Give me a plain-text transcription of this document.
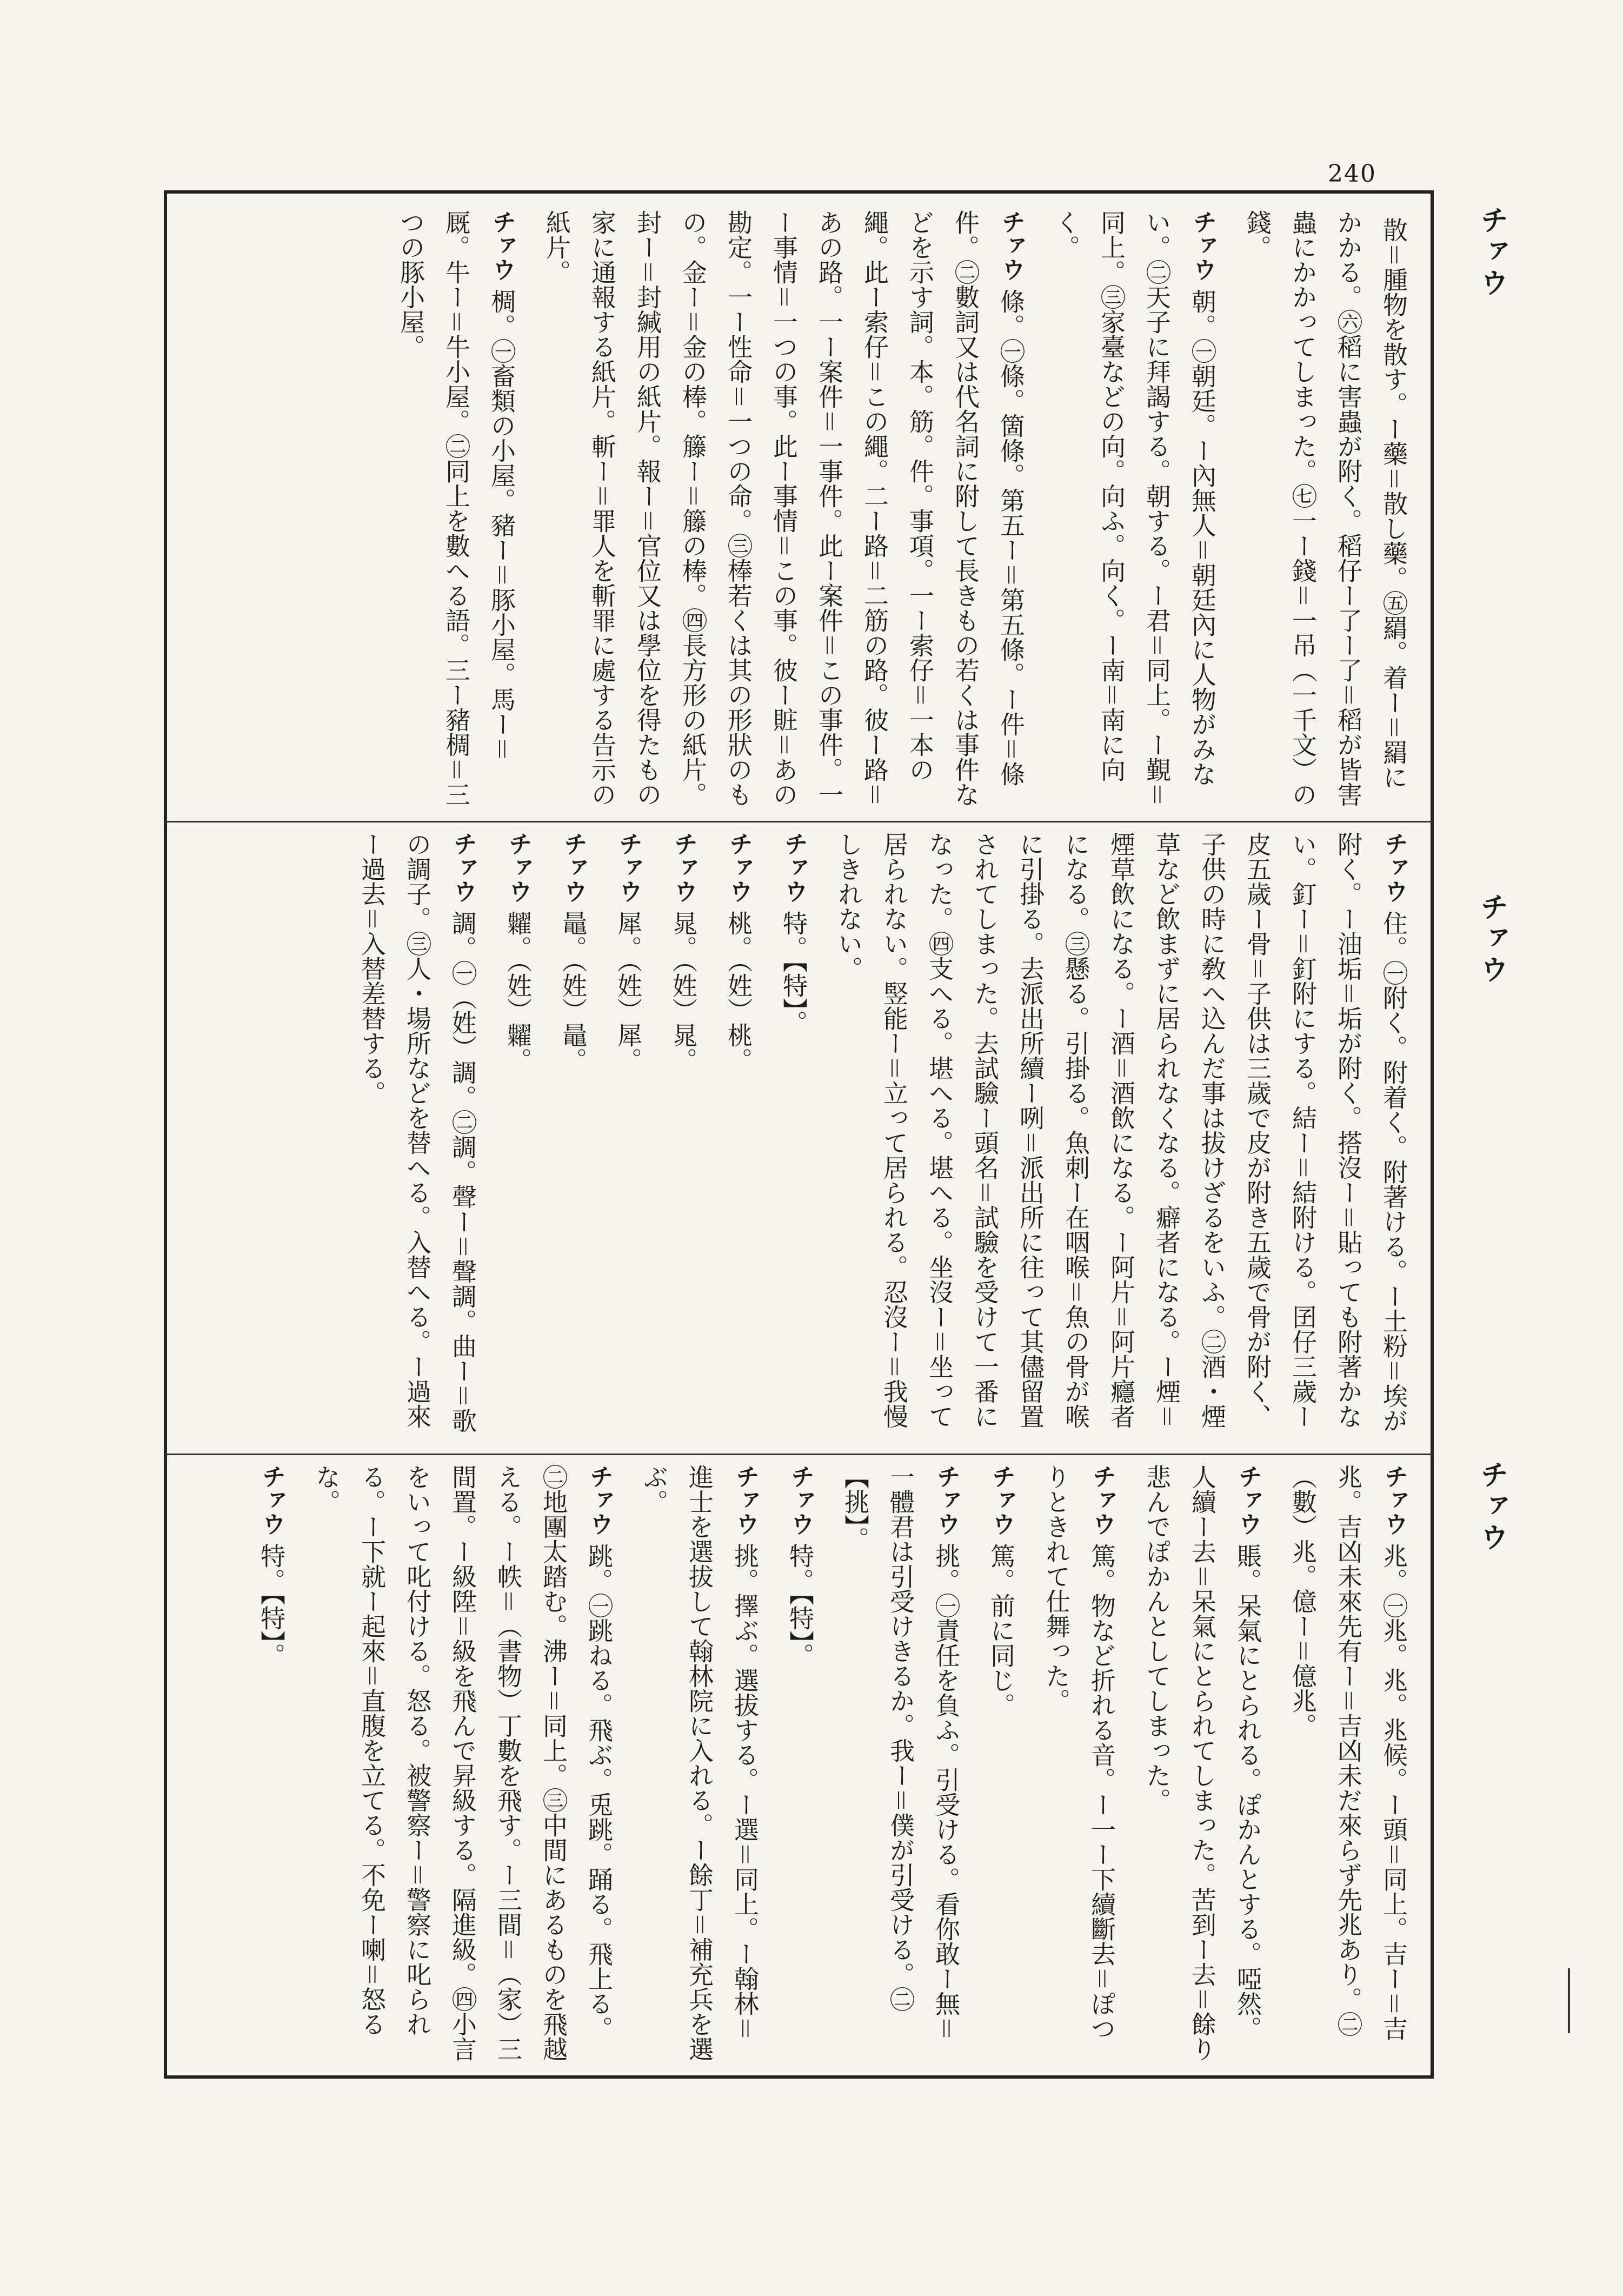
240
チァウ
チァウ
チァウ
散＝腫物を散す。ー藥＝散し藥。㊄羂。着ー＝羂にかかる。㊅稻に害蟲が附く。稻仔ー了ー了＝稻が皆害蟲にかかってしまった。㊆一ー錢＝一吊（一千文）の錢。
チァウ朝。㊀朝廷。ー內無人＝朝廷內に人物がみない。㊁天子に拜謁する。朝する。ー君＝同上。ー覲＝同上。㊂家臺などの向。向ふ。向く。ー南＝南に向く。
チァウ條。㊀條。箇條。第五ー＝第五條。ー件＝條件。㊁數詞又は代名詞に附して長きもの若くは事件などを示す詞。本。筋。件。事項。一ー索仔＝一本の繩。此ー索仔＝この繩。二ー路＝二筋の路。彼ー路＝あの路。一ー案件＝一事件。此ー案件＝この事件。一ー事情＝一つの事。此ー事情＝この事。彼ー賍＝あの勘定。一ー性命＝一つの命。㊂棒若くは其の形狀のもの。金ー＝金の棒。籐ー＝籐の棒。㊃長方形の紙片。封ー＝封緘用の紙片。報ー＝官位又は學位を得たもの家に通報する紙片。斬ー＝罪人を斬罪に處する告示の紙片。
チァウ椆。㊀畜類の小屋。豬ー＝豚小屋。馬ー＝厩。牛ー＝牛小屋。㊁同上を數へる語。三ー豬椆＝三つの豚小屋。
チァウ住。㊀附く。附着く。附著ける。ー土粉＝埃が附く。ー油垢＝垢が附く。搭沒ー＝貼っても附著かない。釘ー＝釘附にする。結ー＝結附ける。囝仔三歲ー皮五歲ー骨＝子供は三歲で皮が附き五歲で骨が附く、子供の時に敎へ込んだ事は拔けざるをいふ。㊁酒・煙草など飲まずに居られなくなる。癖者になる。ー煙＝煙草飲になる。ー酒＝酒飲になる。ー阿片＝阿片癮者になる。㊂懸る。引掛る。魚刺ー在咽喉＝魚の骨が喉に引掛る。去派出所續ー咧＝派出所に往って其儘留置されてしまった。去試驗ー頭名＝試驗を受けて一番になった。㊃支へる。堪へる。堪へる。坐沒ー＝坐って居られない。竪能ー＝立って居られる。忍沒ー＝我慢しきれない。
チァウ特。【特】。
チァウ桃。（姓）桃。
チァウ晁。（姓）晁。
チァウ犀。（姓）犀。
チァウ鼂。（姓）鼂。
チァウ糶。（姓）糶。
チァウ調。㊀（姓）調。㊁調。聲ー＝聲調。曲ー＝歌の調子。㊂人・場所などを替へる。入替へる。ー過來ー過去＝入替差替する。
チァウ兆。㊀兆。兆。兆候。ー頭＝同上。吉ー＝吉兆。吉凶未來先有ー＝吉凶未だ來らず先兆あり。㊁（數）兆。億ー＝億兆。
チァウ賬。呆氣にとられる。ぽかんとする。啞然。人續ー去＝呆氣にとられてしまった。苦到ー去＝餘り悲んでぽかんとしてしまった。
チァウ篤。物など折れる音。ー一ー下續斷去＝ぽつりときれて仕舞った。
チァウ篤。前に同じ。
チァウ挑。㊀責任を負ふ。引受ける。看你敢ー無＝一體君は引受けきるか。我ー＝僕が引受ける。㊁【挑】。
チァウ特。【特】。
チァウ挑。擇ぶ。選拔する。ー選＝同上。ー翰林＝進士を選拔して翰林院に入れる。ー餘丁＝補充兵を選ぶ。
チァウ跳。㊀跳ねる。飛ぶ。兎跳。踊る。飛上る。㊁地團太踏む。沸ー＝同上。㊂中間にあるものを飛越える。ー帙＝（書物）丁數を飛す。ー三間＝（家）三間置。ー級陞＝級を飛んで昇級する。隔進級。㊃小言をいって叱付ける。怒る。被警察ー＝警察に叱られる。ー下就ー起來＝直腹を立てる。不免ー喇＝怒るな。
チァウ特。【特】。
